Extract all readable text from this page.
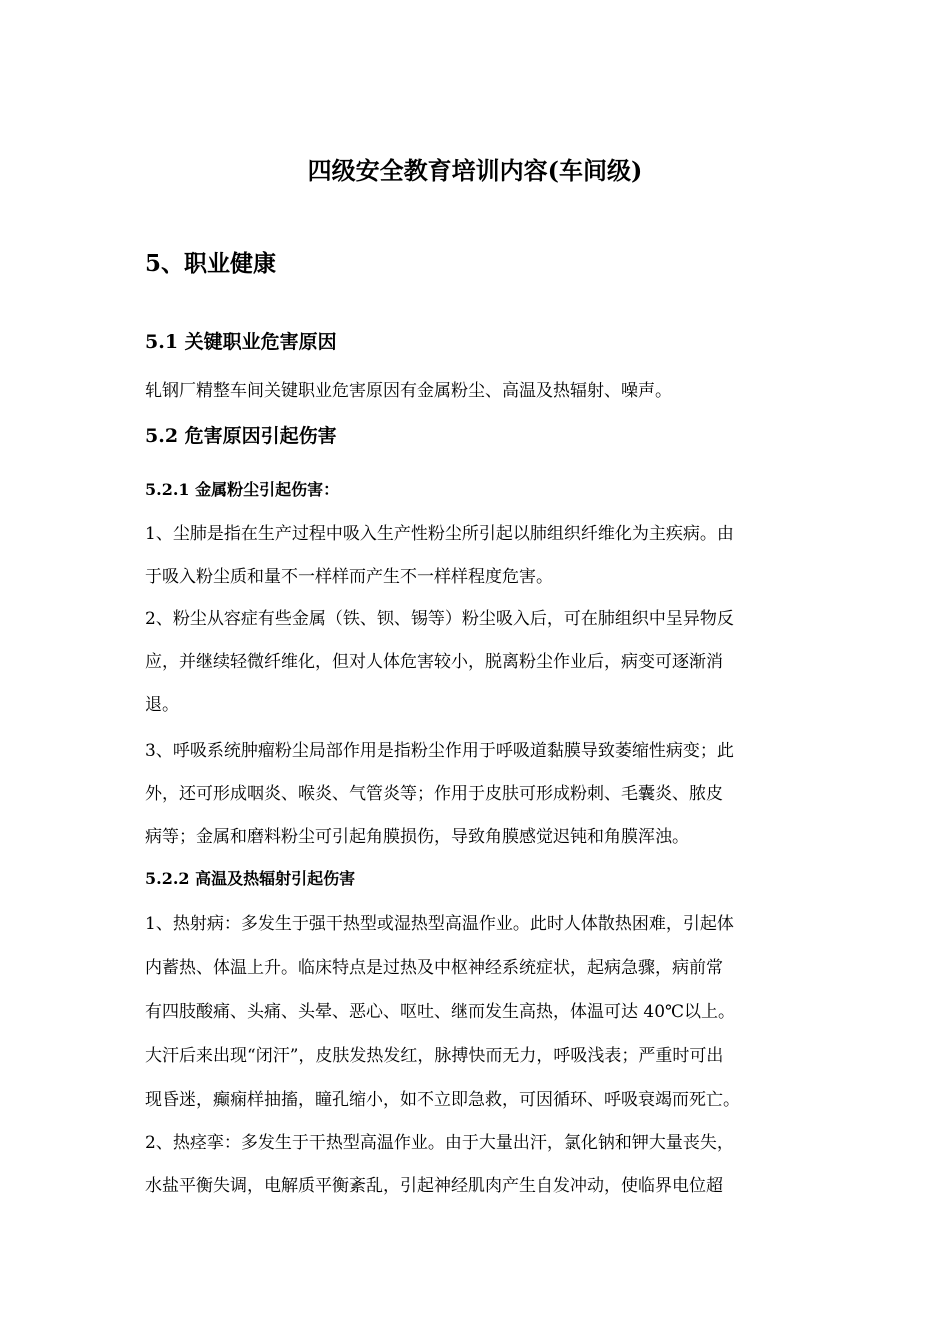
四级安全教育培训内容(车间级)
5、职业健康
5.1 关键职业危害原因
轧钢厂精整车间关键职业危害原因有金属粉尘、高温及热辐射、噪声。
5.2 危害原因引起伤害
5.2.1 金属粉尘引起伤害：
1、尘肺是指在生产过程中吸入生产性粉尘所引起以肺组织纤维化为主疾病。由
于吸入粉尘质和量不一样样而产生不一样样程度危害。
2、粉尘从容症有些金属（铁、钡、锡等）粉尘吸入后，可在肺组织中呈异物反
应，并继续轻微纤维化，但对人体危害较小，脱离粉尘作业后，病变可逐渐消
退。
3、呼吸系统肿瘤粉尘局部作用是指粉尘作用于呼吸道黏膜导致萎缩性病变；此
外，还可形成咽炎、喉炎、气管炎等；作用于皮肤可形成粉刺、毛囊炎、脓皮
病等；金属和磨料粉尘可引起角膜损伤，导致角膜感觉迟钝和角膜浑浊。
5.2.2 高温及热辐射引起伤害
1、热射病：多发生于强干热型或湿热型高温作业。此时人体散热困难，引起体
内蓄热、体温上升。临床特点是过热及中枢神经系统症状，起病急骤，病前常
有四肢酸痛、头痛、头晕、恶心、呕吐、继而发生高热，体温可达 40℃以上。
大汗后来出现“闭汗”，皮肤发热发红，脉搏快而无力，呼吸浅表；严重时可出
现昏迷，癫痫样抽搐，瞳孔缩小，如不立即急救，可因循环、呼吸衰竭而死亡。
2、热痉挛：多发生于干热型高温作业。由于大量出汗，氯化钠和钾大量丧失，
水盐平衡失调，电解质平衡紊乱，引起神经肌肉产生自发冲动，使临界电位超
